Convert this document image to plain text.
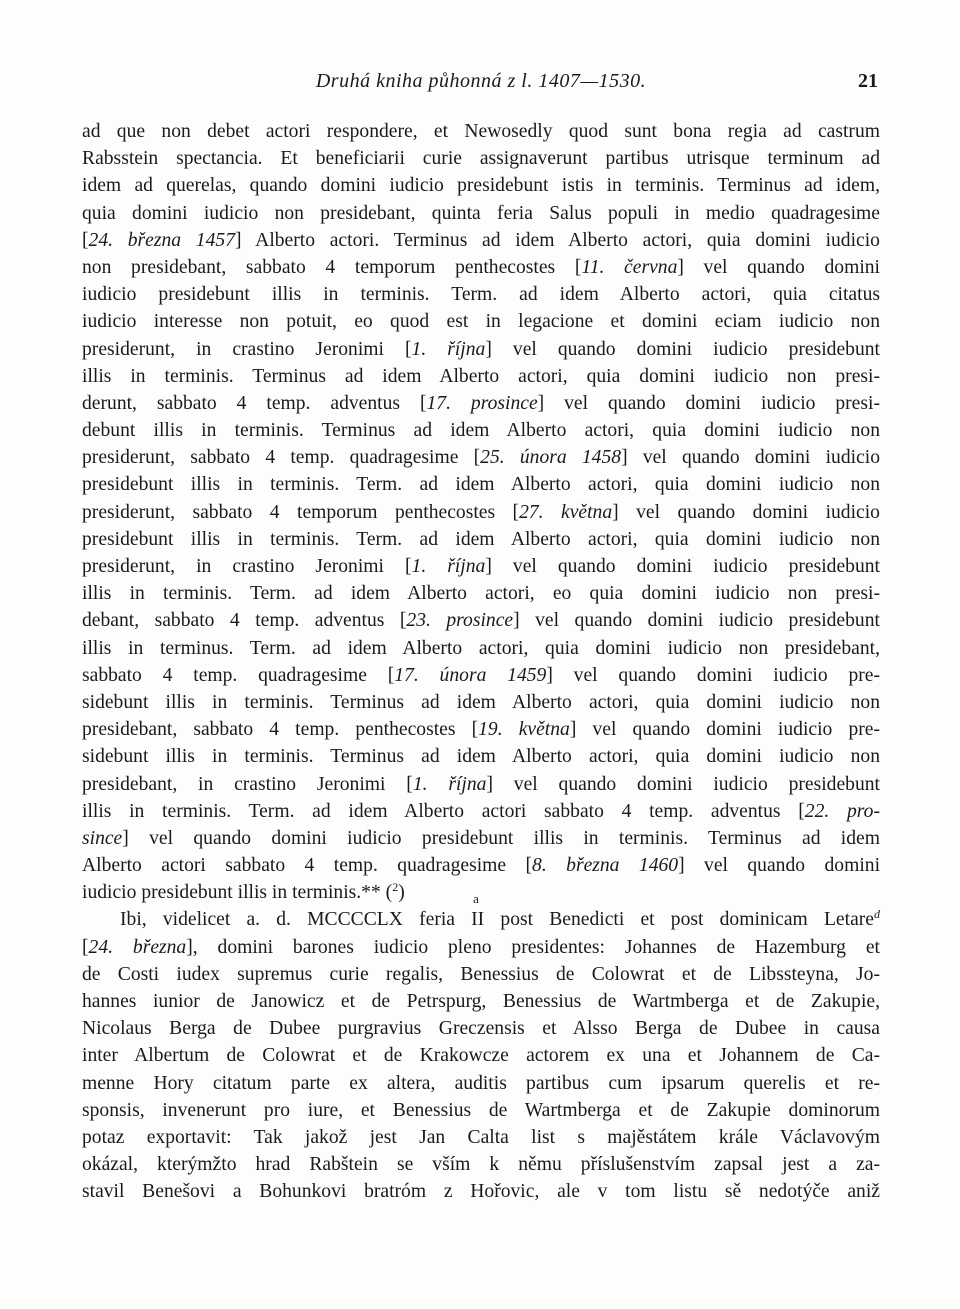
Druhá kniha půhonná z l. 1407—1530.	21
ad que non debet actori respondere, et Newosedly quod sunt bona regia ad castrum
Rabsstein spectancia. Et beneficiarii curie assignaverunt partibus utrisque terminum ad
idem ad querelas, quando domini iudicio presidebunt istis in terminis. Terminus ad idem,
quia domini iudicio non presidebant, quinta feria Salus populi in medio quadragesime
[24. března 1457] Alberto actori. Terminus ad idem Alberto actori, quia domini iudicio
non presidebant, sabbato 4 temporum penthecostes [11. června] vel quando domini
iudicio presidebunt illis in terminis. Term. ad idem Alberto actori, quia citatus
iudicio interesse non potuit, eo quod est in legacione et domini eciam iudicio non
presiderunt, in crastino Jeronimi [1. října] vel quando domini iudicio presidebunt
illis in terminis. Terminus ad idem Alberto actori, quia domini iudicio non presi-
derunt, sabbato 4 temp. adventus [17. prosince] vel quando domini iudicio presi-
debunt illis in terminis. Terminus ad idem Alberto actori, quia domini iudicio non
presiderunt, sabbato 4 temp. quadragesime [25. února 1458] vel quando domini iudicio
presidebunt illis in terminis. Term. ad idem Alberto actori, quia domini iudicio non
presiderunt, sabbato 4 temporum penthecostes [27. května] vel quando domini iudicio
presidebunt illis in terminis. Term. ad idem Alberto actori, quia domini iudicio non
presiderunt, in crastino Jeronimi [1. října] vel quando domini iudicio presidebunt
illis in terminis. Term. ad idem Alberto actori, eo quia domini iudicio non presi-
debant, sabbato 4 temp. adventus [23. prosince] vel quando domini iudicio presidebunt
illis in terminus. Term. ad idem Alberto actori, quia domini iudicio non presidebant,
sabbato 4 temp. quadragesime [17. února 1459] vel quando domini iudicio pre-
sidebunt illis in terminis. Terminus ad idem Alberto actori, quia domini iudicio non
presidebant, sabbato 4 temp. penthecostes [19. května] vel quando domini iudicio pre-
sidebunt illis in terminis. Terminus ad idem Alberto actori, quia domini iudicio non
presidebant, in crastino Jeronimi [1. října] vel quando domini iudicio presidebunt
illis in terminis. Term. ad idem Alberto actori sabbato 4 temp. adventus [22. pro-
since] vel quando domini iudicio presidebunt illis in terminis. Terminus ad idem
Alberto actori sabbato 4 temp. quadragesime [8. března 1460] vel quando domini
iudicio presidebunt illis in terminis.** ($^2$)
Ibi, videlicet a. d. MCCCCLX feria
a
II post Benedicti et post dominicam Letare$^d$
[24. března], domini barones iudicio pleno presidentes: Johannes de Hazemburg et
de Costi iudex supremus curie regalis, Benessius de Colowrat et de Libssteyna, Jo-
hannes iunior de Janowicz et de Petrspurg, Benessius de Wartmberga et de Zakupie,
Nicolaus Berga de Dubee purgravius Greczensis et Alsso Berga de Dubee in causa
inter Albertum de Colowrat et de Krakowcze actorem ex una et Johannem de Ca-
menne Hory citatum parte ex altera, auditis partibus cum ipsarum querelis et re-
sponsis, invenerunt pro iure, et Benessius de Wartmberga et de Zakupie dominorum
potaz exportavit: Tak jakož jest Jan Calta list s majěstátem krále Václavovým
okázal, kterýmžto hrad Rabštein se vším k němu příslušenstvím zapsal jest a za-
stavil Benešovi a Bohunkovi bratróm z Hořovic, ale v tom listu sě nedotýče aniž
